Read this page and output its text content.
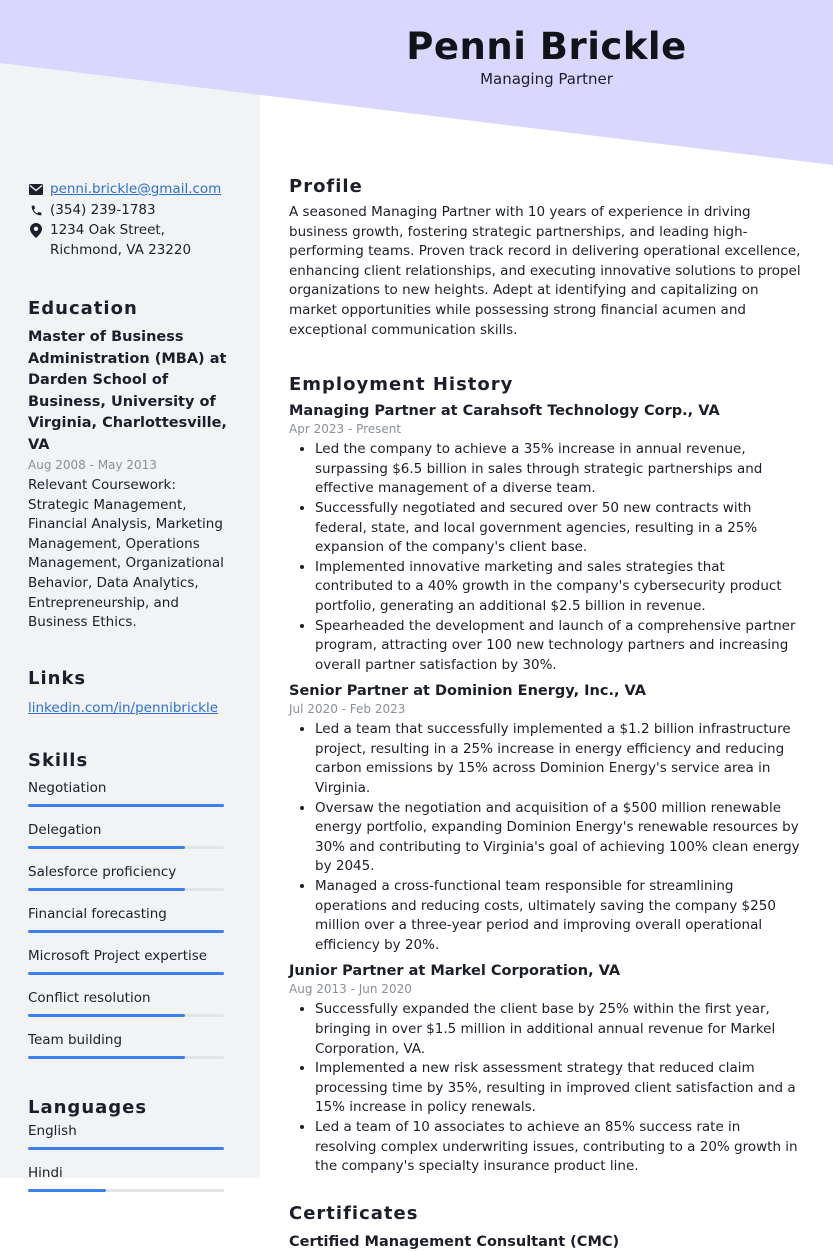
Penni Brickle
Managing Partner
penni.brickle@gmail.com
(354) 239-1783
1234 Oak Street, Richmond, VA 23220
Education
Master of Business Administration (MBA) at Darden School of Business, University of Virginia, Charlottesville, VA
Aug 2008 - May 2013
Relevant Coursework: Strategic Management, Financial Analysis, Marketing Management, Operations Management, Organizational Behavior, Data Analytics, Entrepreneurship, and Business Ethics.
Links
linkedin.com/in/pennibrickle
Skills
Negotiation
Delegation
Salesforce proficiency
Financial forecasting
Microsoft Project expertise
Conflict resolution
Team building
Languages
English
Hindi
Profile

A seasoned Managing Partner with 10 years of experience in driving business growth, fostering strategic partnerships, and leading high-performing teams. Proven track record in delivering operational excellence, enhancing client relationships, and executing innovative solutions to propel organizations to new heights. Adept at identifying and capitalizing on market opportunities while possessing strong financial acumen and exceptional communication skills.

Employment History
Managing Partner at Carahsoft Technology Corp., VA
Apr 2023 - Present
• Led the company to achieve a 35% increase in annual revenue, surpassing $6.5 billion in sales through strategic partnerships and effective management of a diverse team.
• Successfully negotiated and secured over 50 new contracts with federal, state, and local government agencies, resulting in a 25% expansion of the company's client base.
• Implemented innovative marketing and sales strategies that contributed to a 40% growth in the company's cybersecurity product portfolio, generating an additional $2.5 billion in revenue.
• Spearheaded the development and launch of a comprehensive partner program, attracting over 100 new technology partners and increasing overall partner satisfaction by 30%.
Senior Partner at Dominion Energy, Inc., VA
Jul 2020 - Feb 2023
• Led a team that successfully implemented a $1.2 billion infrastructure project, resulting in a 25% increase in energy efficiency and reducing carbon emissions by 15% across Dominion Energy's service area in Virginia.
• Oversaw the negotiation and acquisition of a $500 million renewable energy portfolio, expanding Dominion Energy's renewable resources by 30% and contributing to Virginia's goal of achieving 100% clean energy by 2045.
• Managed a cross-functional team responsible for streamlining operations and reducing costs, ultimately saving the company $250 million over a three-year period and improving overall operational efficiency by 20%.
Junior Partner at Markel Corporation, VA
Aug 2013 - Jun 2020
• Successfully expanded the client base by 25% within the first year, bringing in over $1.5 million in additional annual revenue for Markel Corporation, VA.
• Implemented a new risk assessment strategy that reduced claim processing time by 35%, resulting in improved client satisfaction and a 15% increase in policy renewals.
• Led a team of 10 associates to achieve an 85% success rate in resolving complex underwriting issues, contributing to a 20% growth in the company's specialty insurance product line.
Certificates
Certified Management Consultant (CMC)
